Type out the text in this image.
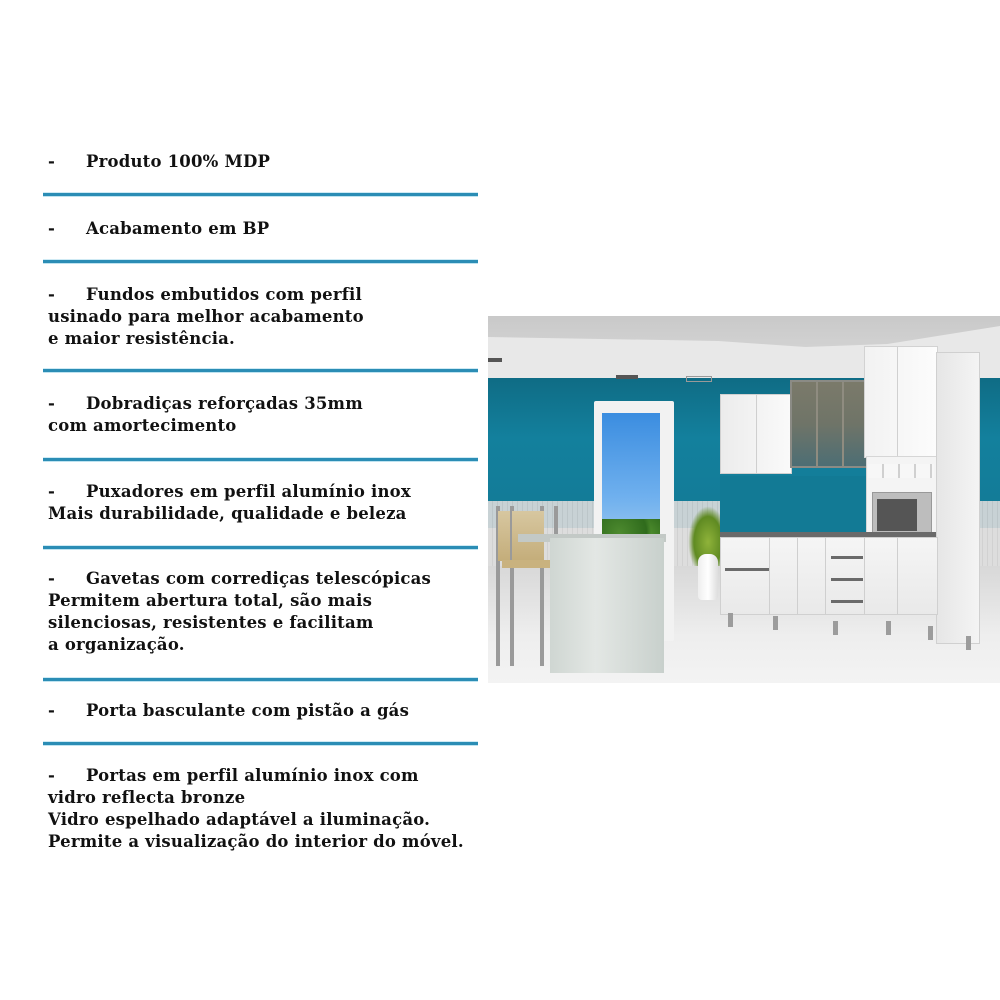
- Produto 100% MDP
- Acabamento em BP
- Fundos embutidos com perfil
usinado para melhor acabamento
e maior resistência.
- Dobradiças reforçadas 35mm
com amortecimento
- Puxadores em perfil alumínio inox
Mais durabilidade, qualidade e beleza
- Gavetas com corrediças telescópicas
Permitem abertura total, são mais
silenciosas, resistentes e facilitam
a organização.
- Porta basculante com pistão a gás
- Portas em perfil alumínio inox com
vidro reflecta bronze
Vidro espelhado adaptável a iluminação.
Permite a visualização do interior do móvel.
